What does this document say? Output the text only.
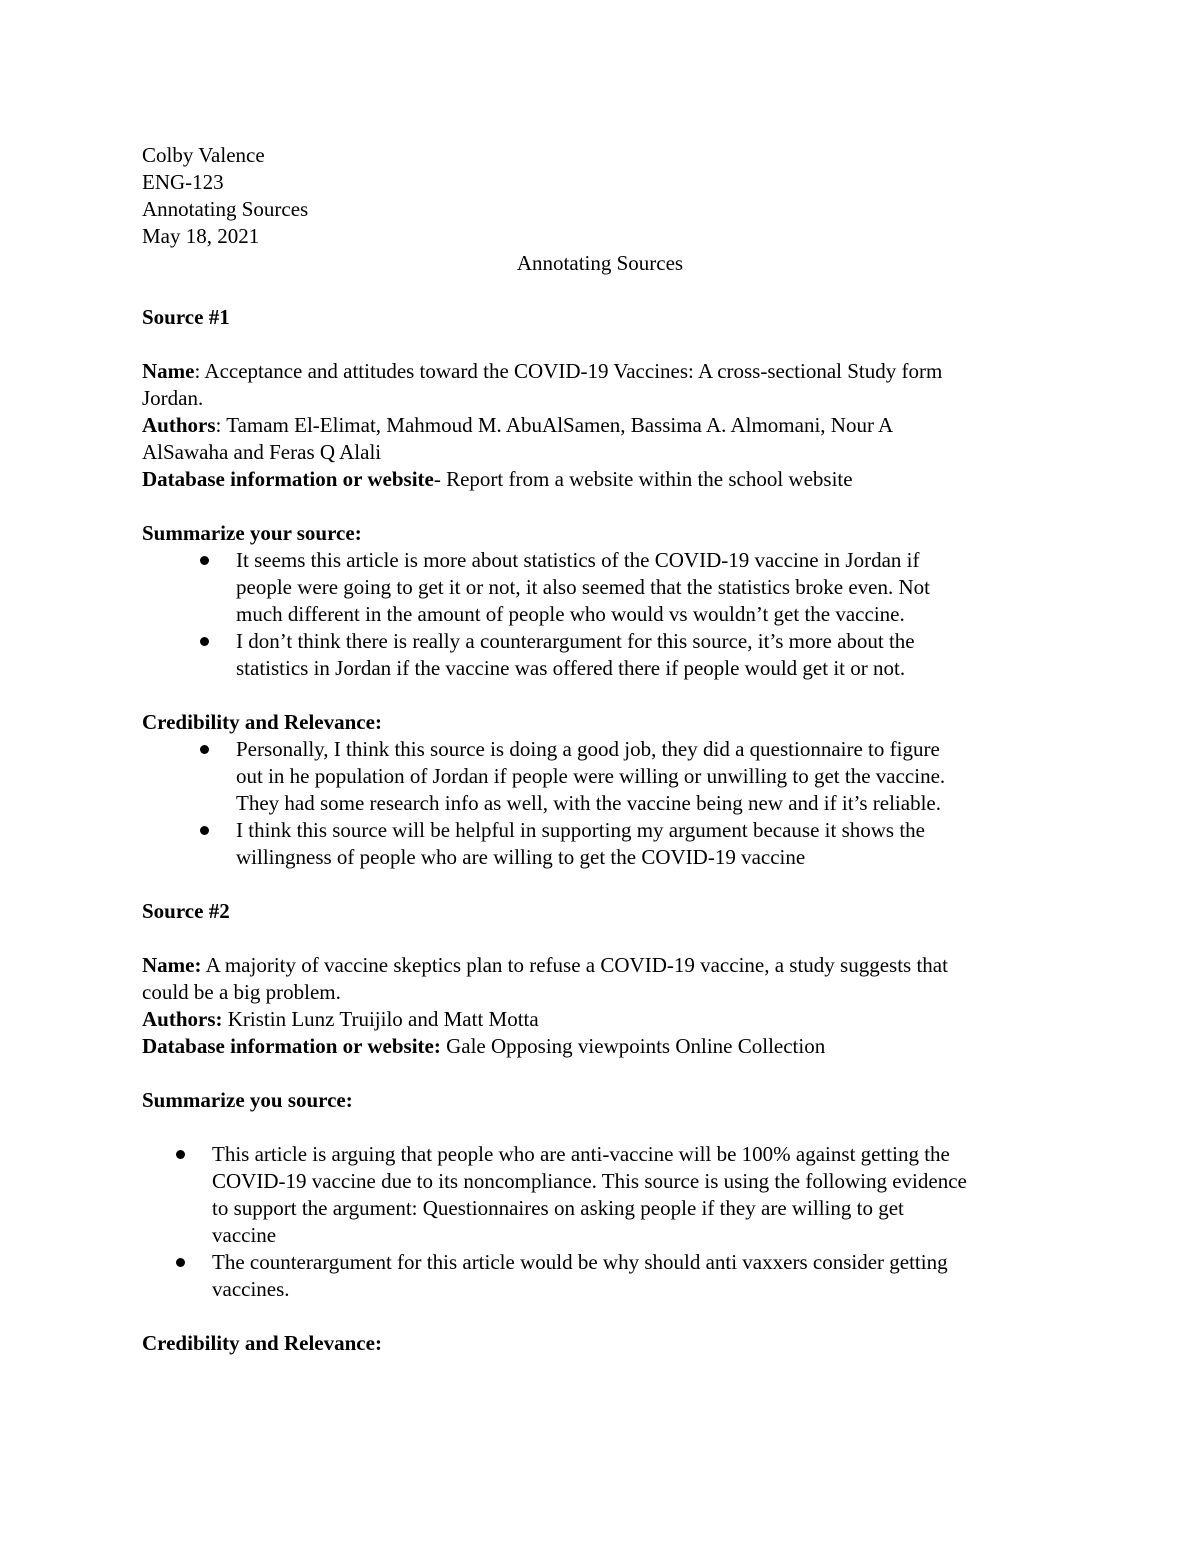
Colby Valence
ENG-123
Annotating Sources
May 18, 2021
Annotating Sources
Source #1
Name: Acceptance and attitudes toward the COVID-19 Vaccines: A cross-sectional Study form
Jordan.
Authors: Tamam El-Elimat, Mahmoud M. AbuAlSamen, Bassima A. Almomani, Nour A
AlSawaha and Feras Q Alali
Database information or website- Report from a website within the school website
Summarize your source:
It seems this article is more about statistics of the COVID-19 vaccine in Jordan if
people were going to get it or not, it also seemed that the statistics broke even. Not
much different in the amount of people who would vs wouldn’t get the vaccine.
I don’t think there is really a counterargument for this source, it’s more about the
statistics in Jordan if the vaccine was offered there if people would get it or not.
Credibility and Relevance:
Personally, I think this source is doing a good job, they did a questionnaire to figure
out in he population of Jordan if people were willing or unwilling to get the vaccine.
They had some research info as well, with the vaccine being new and if it’s reliable.
I think this source will be helpful in supporting my argument because it shows the
willingness of people who are willing to get the COVID-19 vaccine
Source #2
Name: A majority of vaccine skeptics plan to refuse a COVID-19 vaccine, a study suggests that
could be a big problem.
Authors: Kristin Lunz Truijilo and Matt Motta
Database information or website: Gale Opposing viewpoints Online Collection
Summarize you source:
This article is arguing that people who are anti-vaccine will be 100% against getting the
COVID-19 vaccine due to its noncompliance. This source is using the following evidence
to support the argument: Questionnaires on asking people if they are willing to get
vaccine
The counterargument for this article would be why should anti vaxxers consider getting
vaccines.
Credibility and Relevance:
